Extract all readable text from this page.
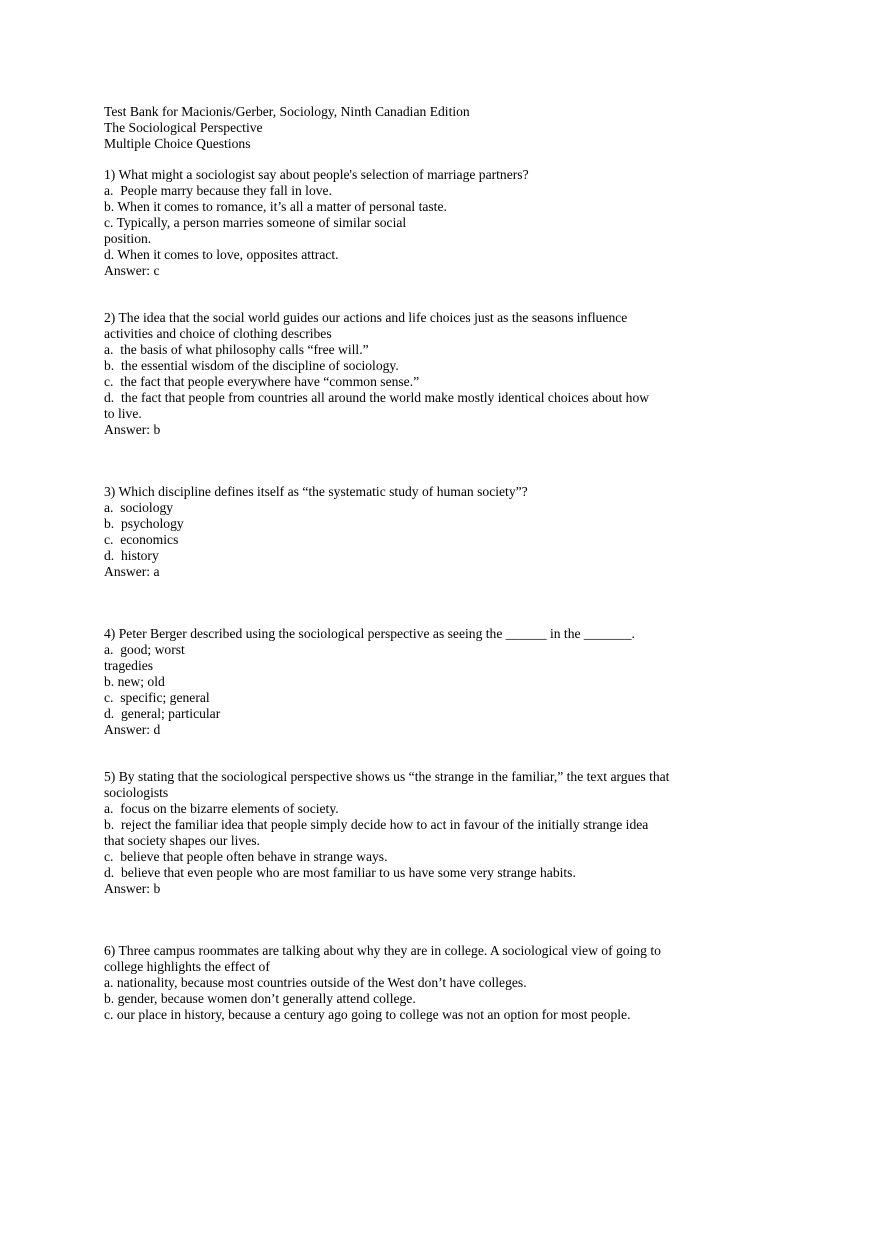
Test Bank for Macionis/Gerber, Sociology, Ninth Canadian Edition
The Sociological Perspective
Multiple Choice Questions
1) What might a sociologist say about people's selection of marriage partners?
a.  People marry because they fall in love.
b. When it comes to romance, it’s all a matter of personal taste.
c. Typically, a person marries someone of similar social
position.
d. When it comes to love, opposites attract.
Answer: c
2) The idea that the social world guides our actions and life choices just as the seasons influence
activities and choice of clothing describes
a.  the basis of what philosophy calls “free will.”
b.  the essential wisdom of the discipline of sociology.
c.  the fact that people everywhere have “common sense.”
d.  the fact that people from countries all around the world make mostly identical choices about how
to live.
Answer: b
3) Which discipline defines itself as “the systematic study of human society”?
a.  sociology
b.  psychology
c.  economics
d.  history
Answer: a
4) Peter Berger described using the sociological perspective as seeing the ______ in the _______.
a.  good; worst
tragedies
b. new; old
c.  specific; general
d.  general; particular
Answer: d
5) By stating that the sociological perspective shows us “the strange in the familiar,” the text argues that
sociologists
a.  focus on the bizarre elements of society.
b.  reject the familiar idea that people simply decide how to act in favour of the initially strange idea
that society shapes our lives.
c.  believe that people often behave in strange ways.
d.  believe that even people who are most familiar to us have some very strange habits.
Answer: b
6) Three campus roommates are talking about why they are in college. A sociological view of going to
college highlights the effect of
a. nationality, because most countries outside of the West don’t have colleges.
b. gender, because women don’t generally attend college.
c. our place in history, because a century ago going to college was not an option for most people.
